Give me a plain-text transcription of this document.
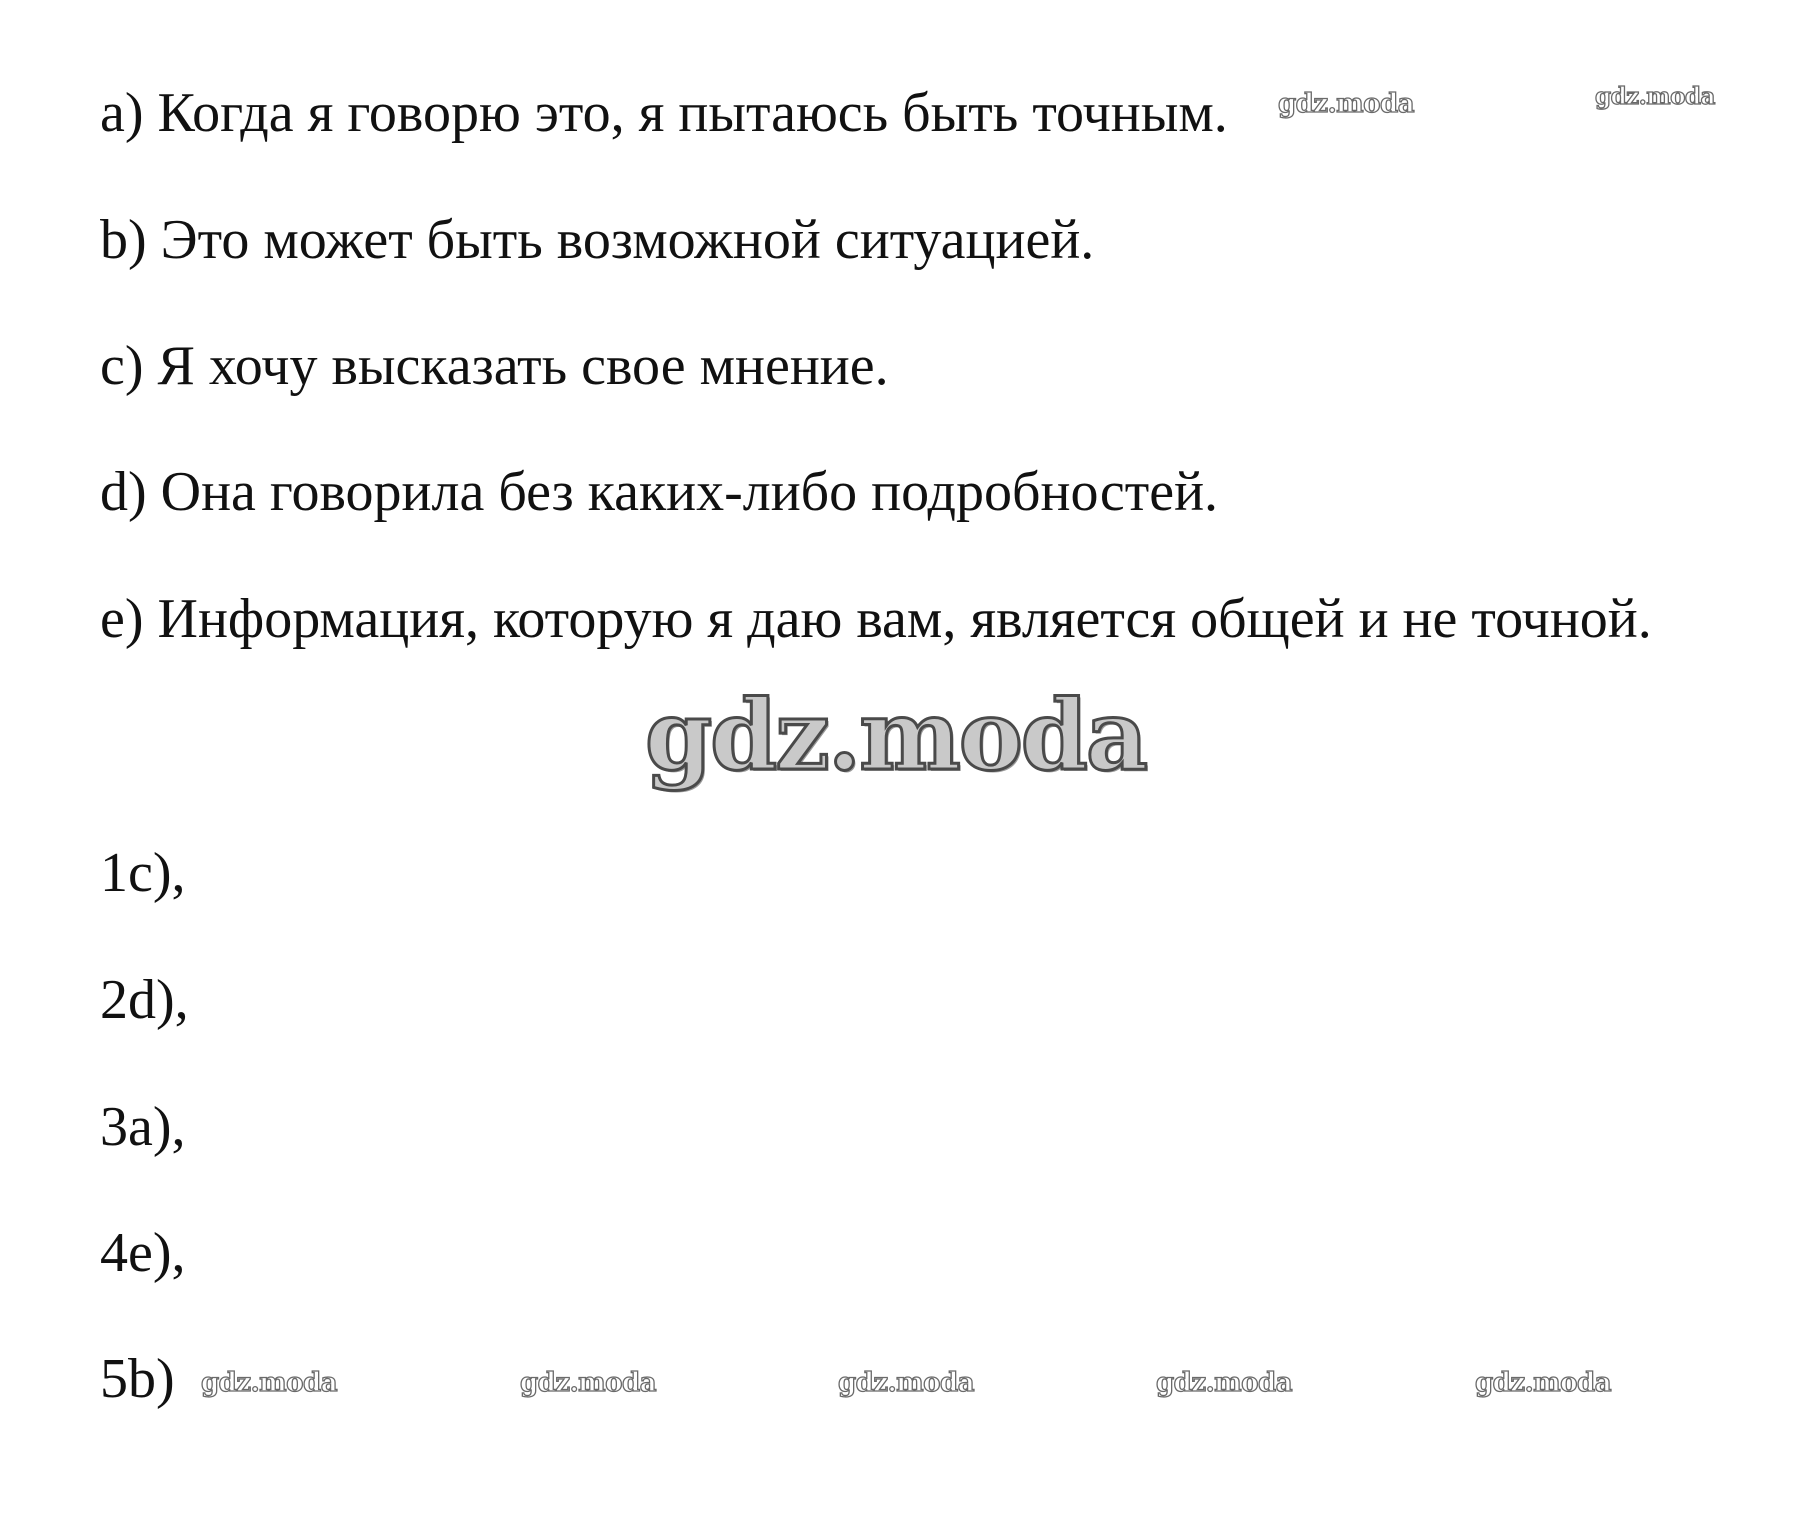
a) Когда я говорю это, я пытаюсь быть точным.
b) Это может быть возможной ситуацией.
c) Я хочу высказать свое мнение.
d) Она говорила без каких-либо подробностей.
e) Информация, которую я даю вам, является общей и не точной.
gdz.moda
1c),
2d),
3a),
4e),
5b)
gdz.moda	gdz.moda
gdz.moda	gdz.moda	gdz.moda	gdz.moda	gdz.moda
